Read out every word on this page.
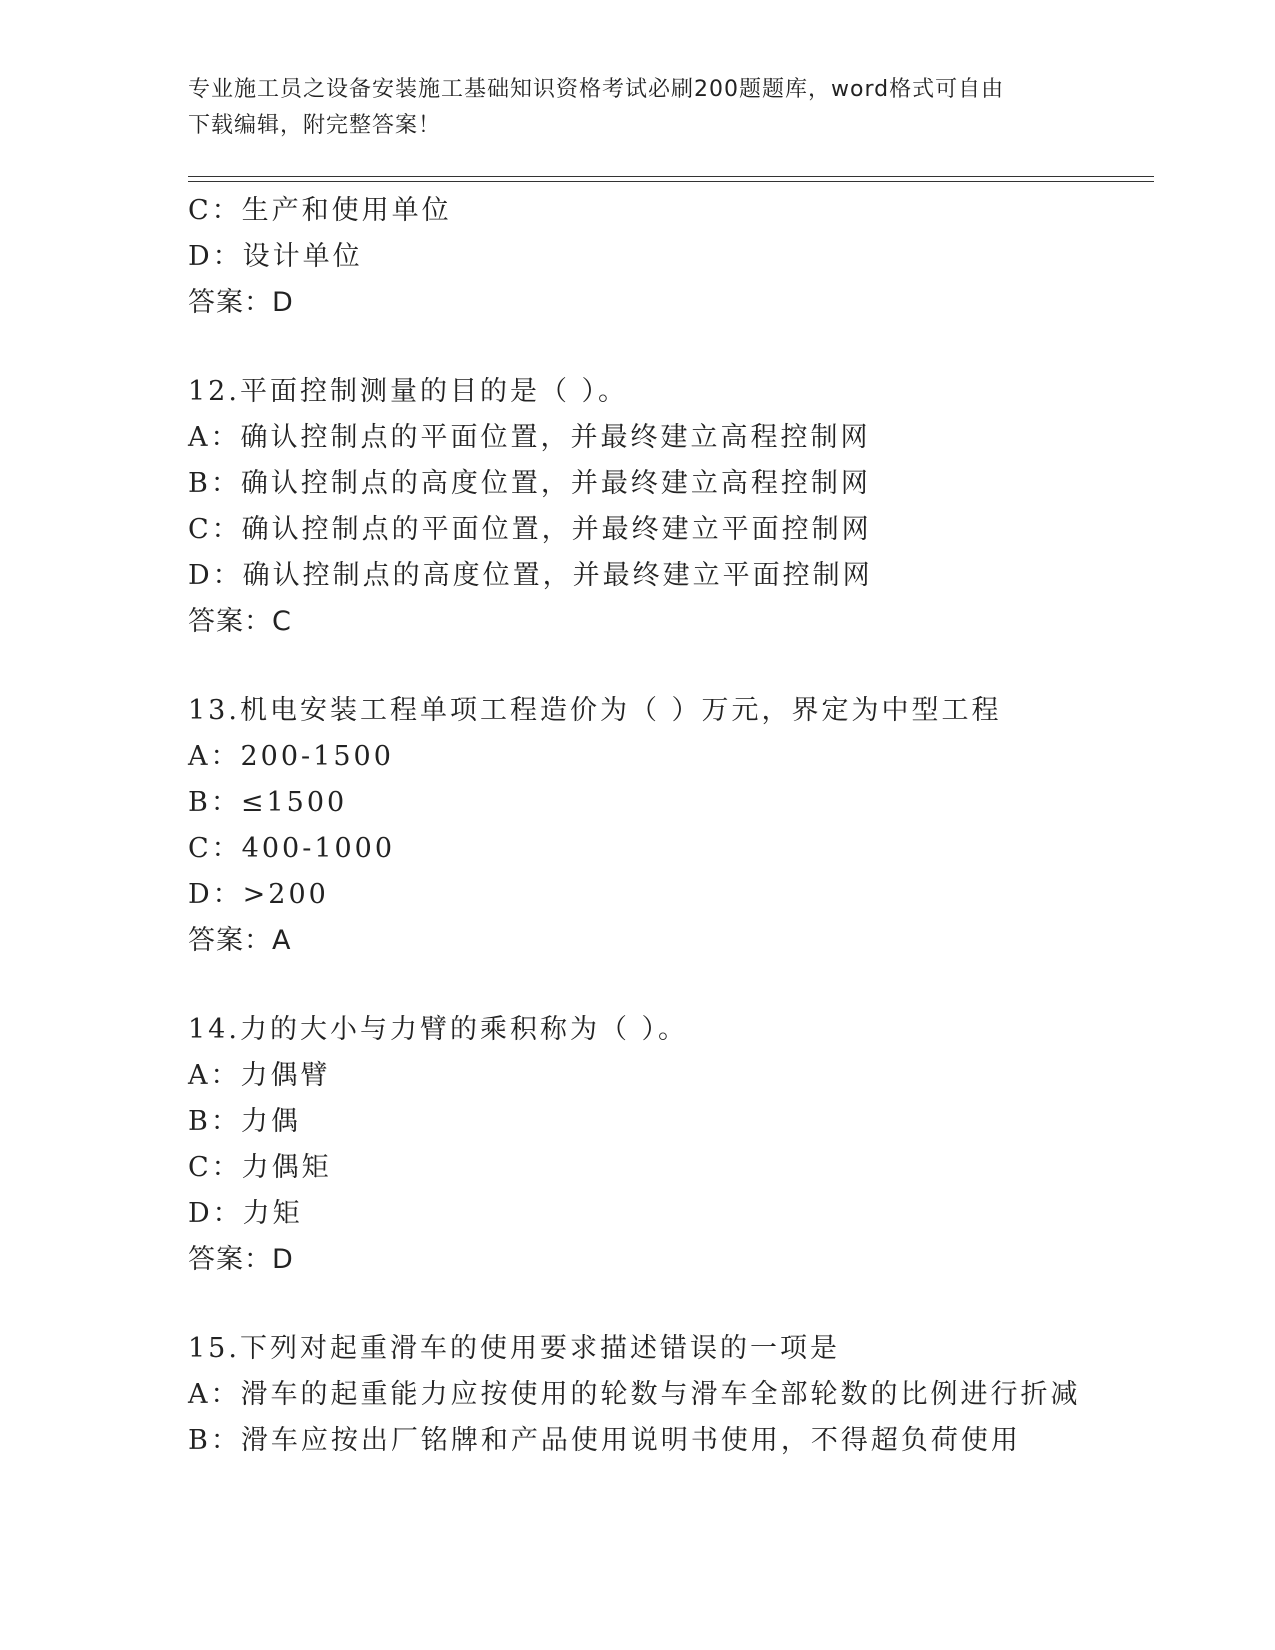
专业施工员之设备安装施工基础知识资格考试必刷200题题库，word格式可自由
下载编辑，附完整答案！
C：生产和使用单位
D：设计单位
答案：D
12.平面控制测量的目的是（ ）。
A：确认控制点的平面位置，并最终建立高程控制网
B：确认控制点的高度位置，并最终建立高程控制网
C：确认控制点的平面位置，并最终建立平面控制网
D：确认控制点的高度位置，并最终建立平面控制网
答案：C
13.机电安装工程单项工程造价为（ ）万元，界定为中型工程
A：200-1500
B：≤1500
C：400-1000
D：>200
答案：A
14.力的大小与力臂的乘积称为（ ）。
A：力偶臂
B：力偶
C：力偶矩
D：力矩
答案：D
15.下列对起重滑车的使用要求描述错误的一项是
A：滑车的起重能力应按使用的轮数与滑车全部轮数的比例进行折减
B：滑车应按出厂铭牌和产品使用说明书使用，不得超负荷使用
